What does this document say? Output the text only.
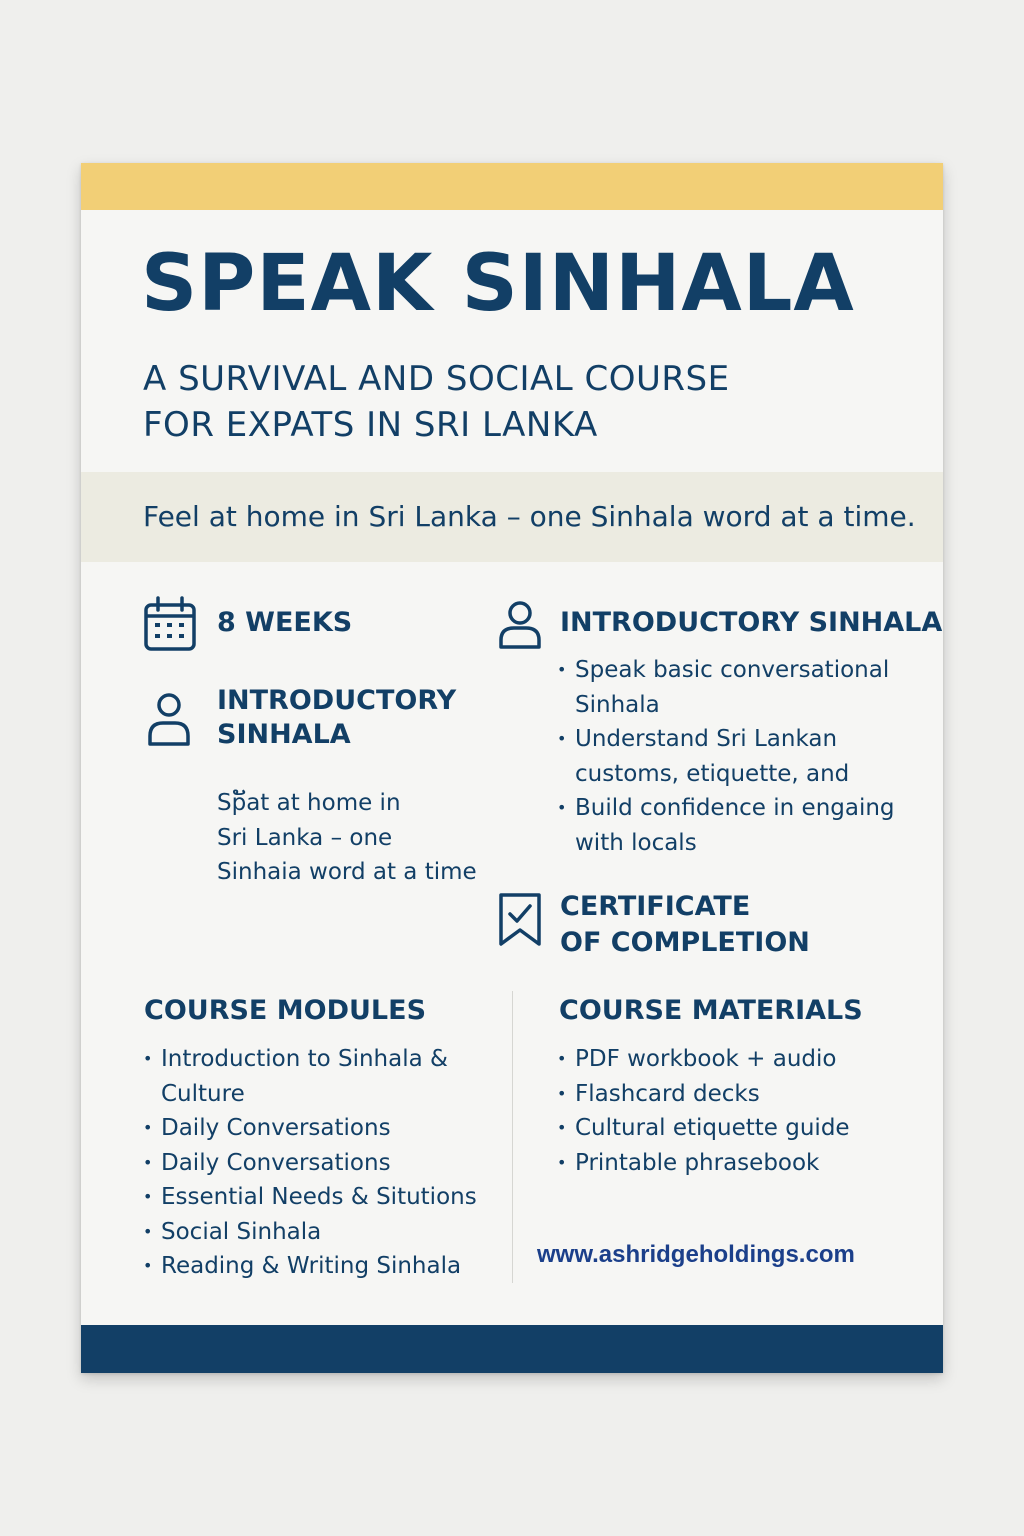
SPEAK SINHALA
A SURVIVAL AND SOCIAL COURSE
FOR EXPATS IN SRI LANKA
Feel at home in Sri Lanka – one Sinhala word at a time.
8 WEEKS
INTRODUCTORY
SINHALA
Spັat at home in
Sri Lanka – one
Sinhaia word at a time
INTRODUCTORY SINHALA
• Speak basic conversational
Sinhala
• Understand Sri Lankan
customs, etiquette, and
• Build confidence in engaing
with locals
CERTIFICATE
OF COMPLETION
COURSE MODULES
• Introduction to Sinhala &
Culture
• Daily Conversations
• Daily Conversations
• Essential Needs & Situtions
• Social Sinhala
• Reading & Writing Sinhala
COURSE MATERIALS
• PDF workbook + audio
• Flashcard decks
• Cultural etiquette guide
• Printable phrasebook
www.ashridgeholdings.com
